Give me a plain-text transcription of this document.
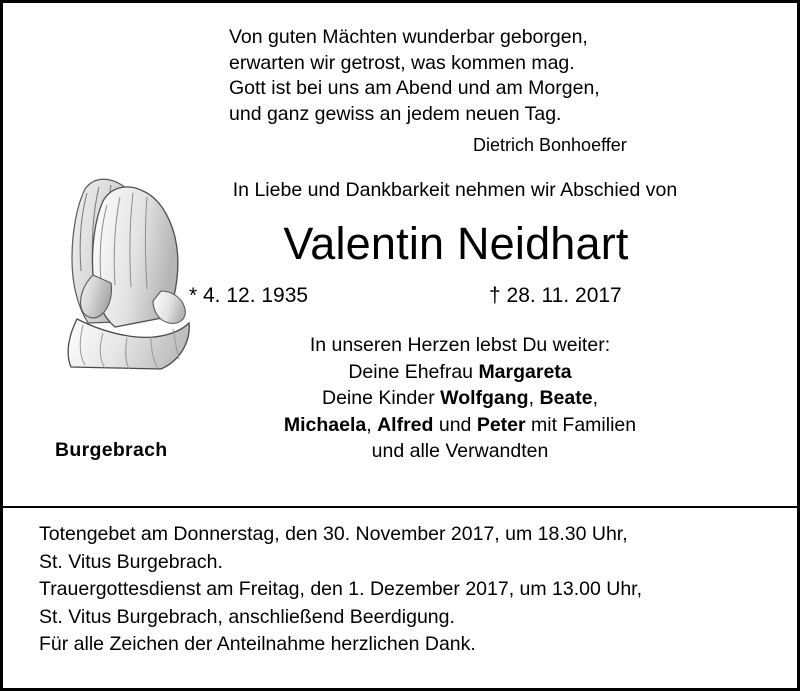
Von guten Mächten wunderbar geborgen,
erwarten wir getrost, was kommen mag.
Gott ist bei uns am Abend und am Morgen,
und ganz gewiss an jedem neuen Tag.
Dietrich Bonhoeffer
In Liebe und Dankbarkeit nehmen wir Abschied von
Valentin Neidhart
* 4. 12. 1935	† 28. 11. 2017
In unseren Herzen lebst Du weiter:
Deine Ehefrau Margareta
Deine Kinder Wolfgang, Beate,
Michaela, Alfred und Peter mit Familien
und alle Verwandten
Burgebrach
Totengebet am Donnerstag, den 30. November 2017, um 18.30 Uhr,
St. Vitus Burgebrach.
Trauergottesdienst am Freitag, den 1. Dezember 2017, um 13.00 Uhr,
St. Vitus Burgebrach, anschließend Beerdigung.
Für alle Zeichen der Anteilnahme herzlichen Dank.
